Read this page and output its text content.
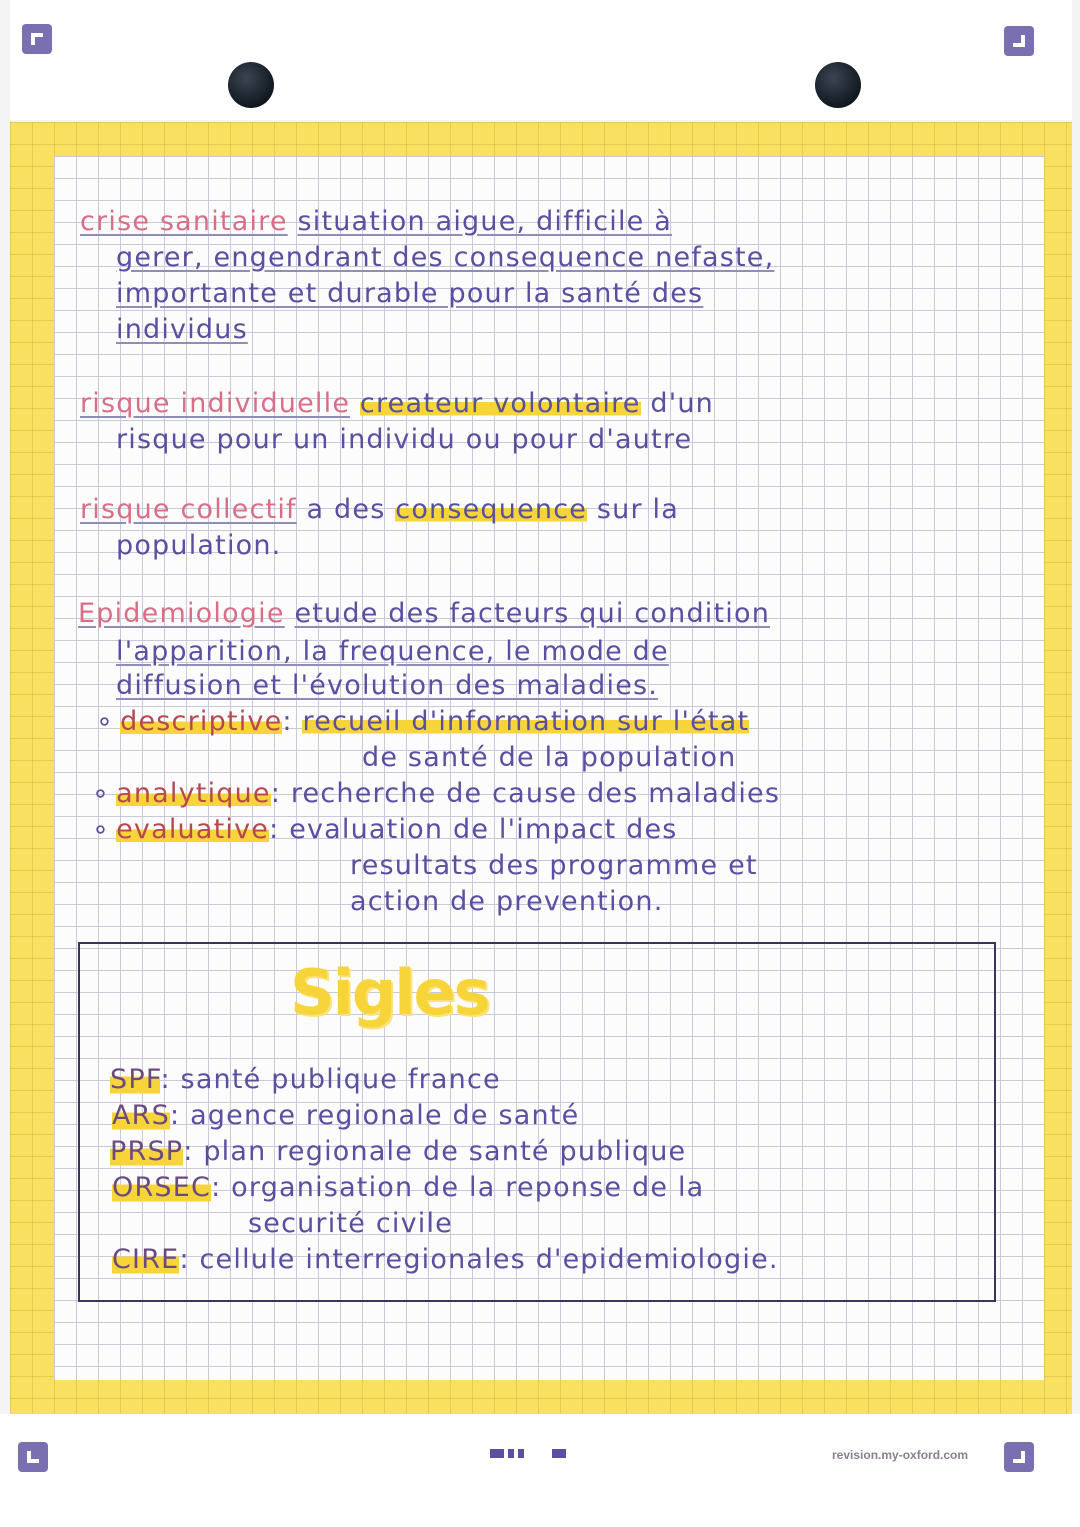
crise sanitaire situation aigue, difficile à
gerer, engendrant des consequence nefaste,
importante et durable pour la santé des
individus
risque individuelle createur volontaire d'un
risque pour un individu ou pour d'autre
risque collectif a des consequence sur la
population.
Epidemiologie etude des facteurs qui condition
l'apparition, la frequence, le mode de
diffusion et l'évolution des maladies.
∘ descriptive: recueil d'information sur l'état
de santé de la population
∘ analytique: recherche de cause des maladies
∘ evaluative: evaluation de l'impact des
resultats des programme et
action de prevention.
Sigles
SPF: santé publique france
ARS: agence regionale de santé
PRSP: plan regionale de santé publique
ORSEC: organisation de la reponse de la
securité civile
CIRE: cellule interregionales d'epidemiologie.
revision.my-oxford.com
